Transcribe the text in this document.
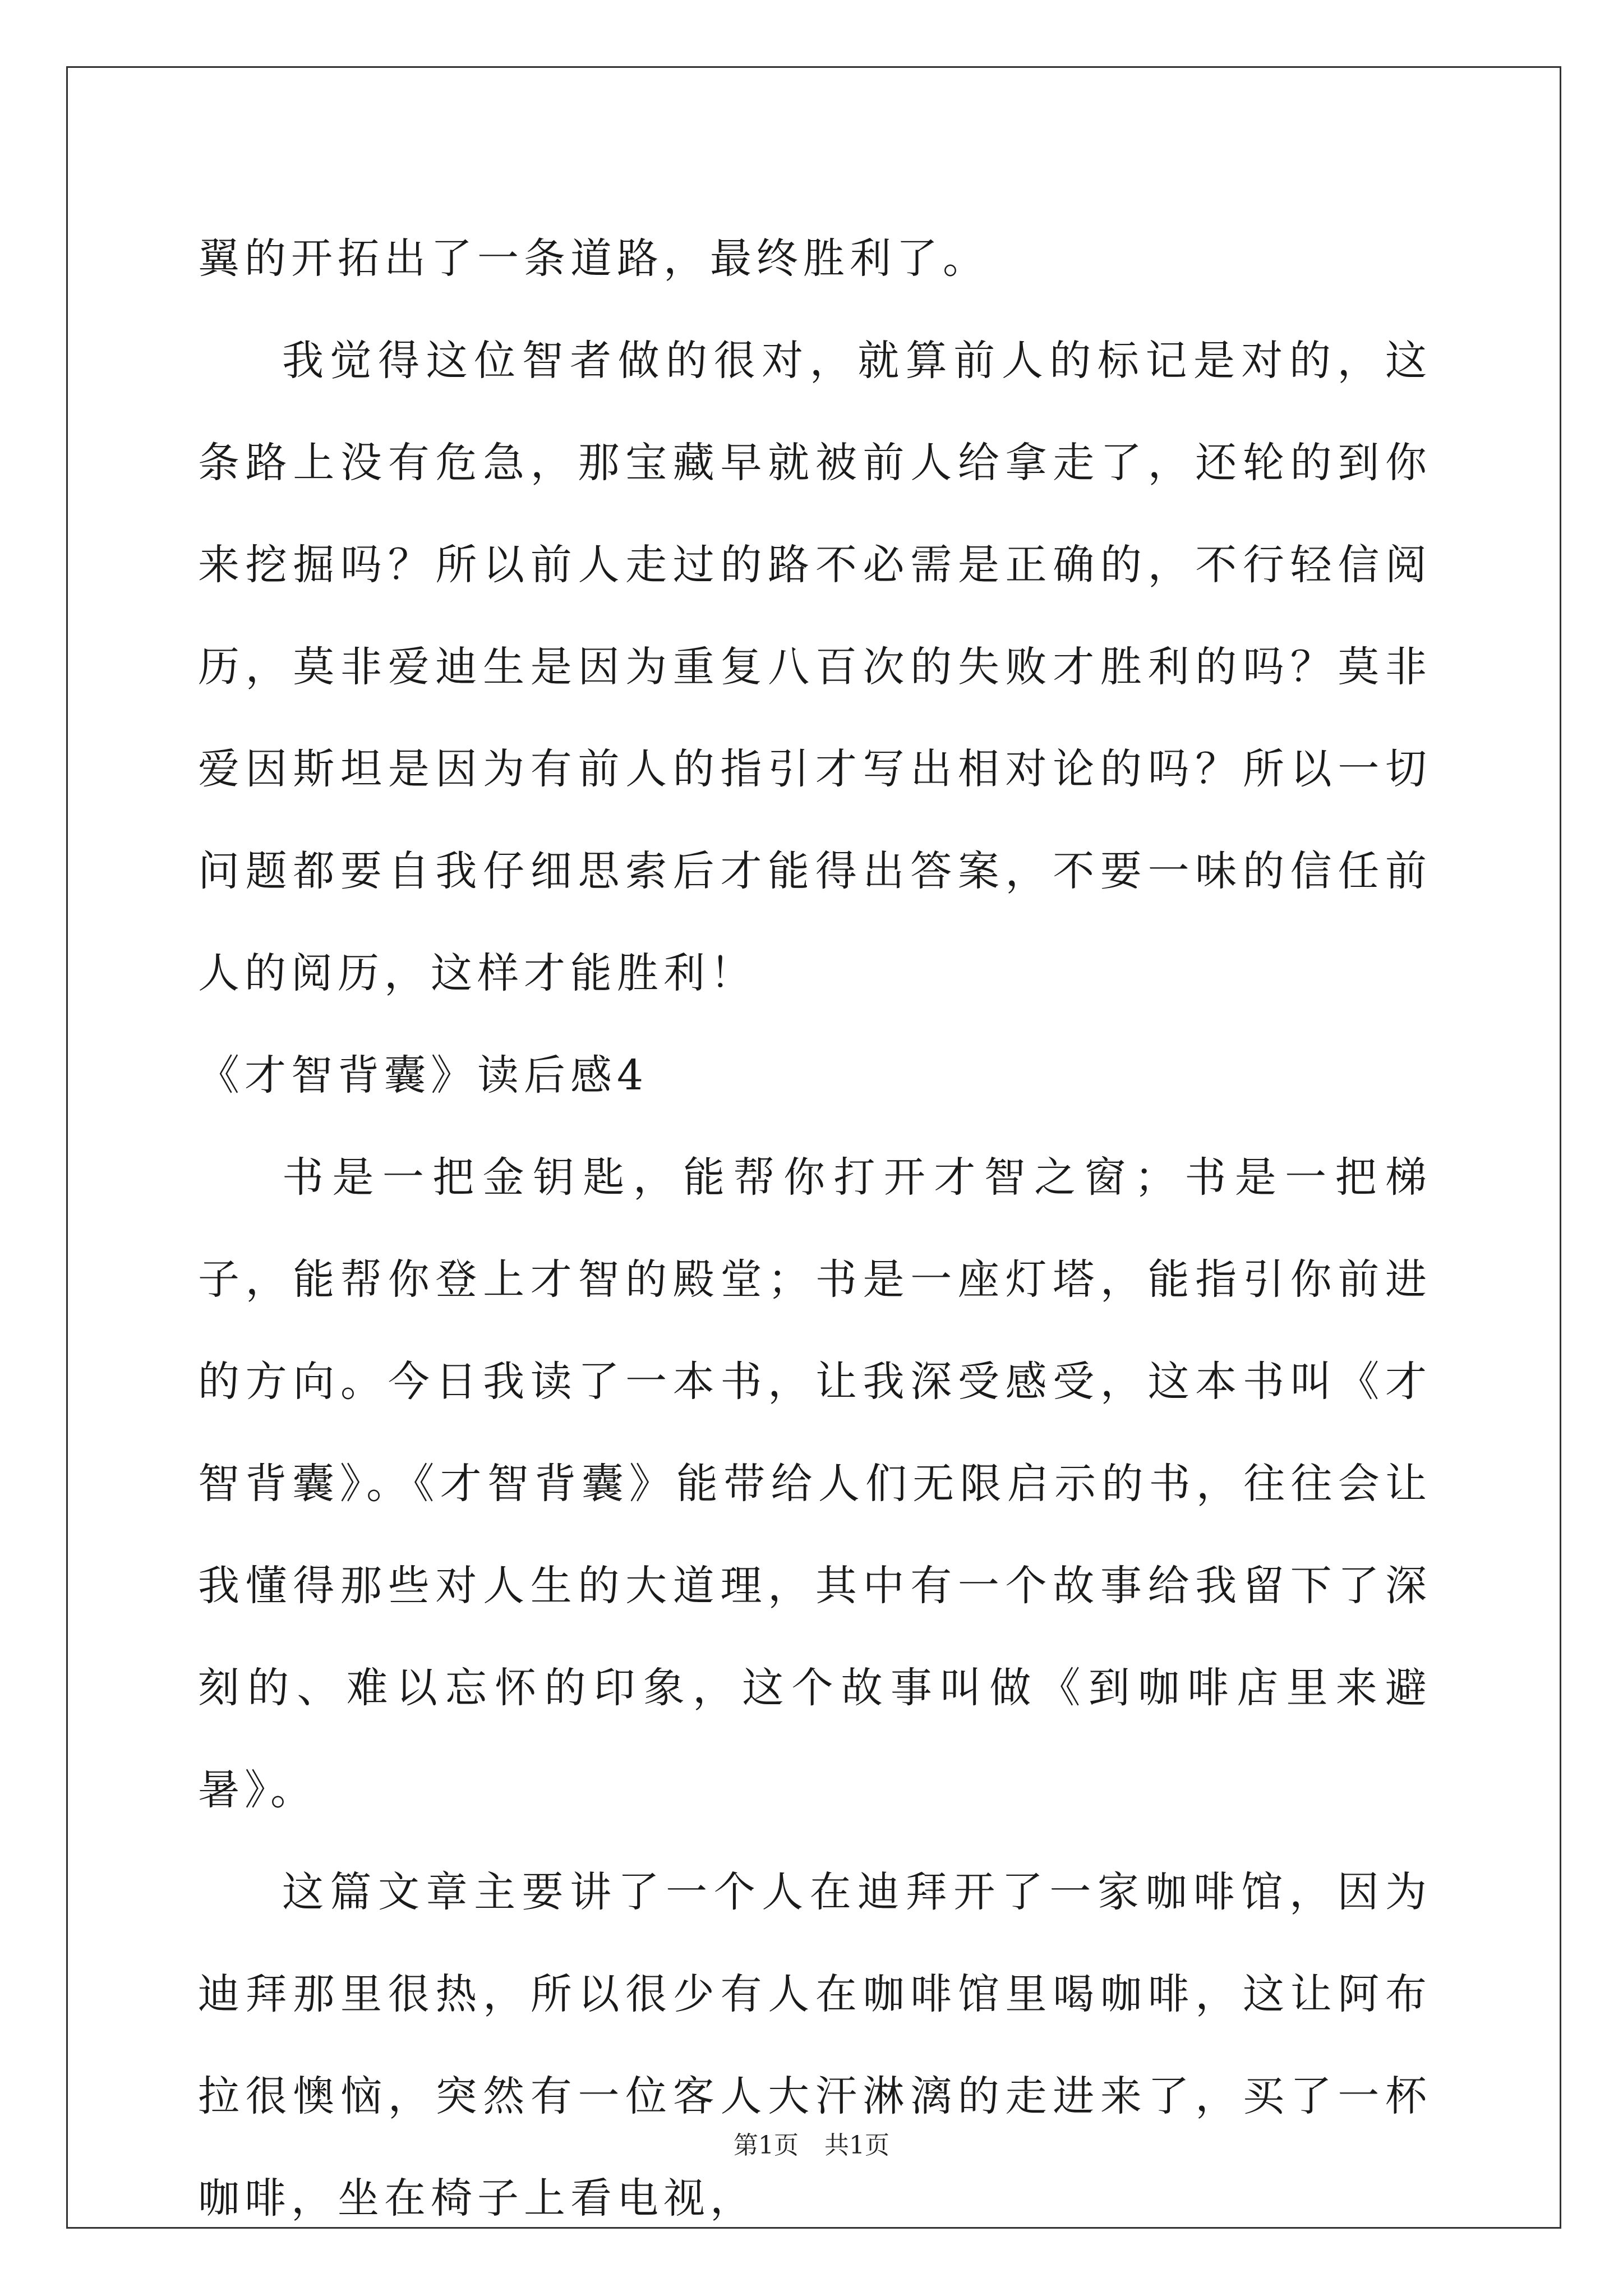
翼的开拓出了一条道路，最终胜利了。

我觉得这位智者做的很对，就算前人的标记是对的，这条路上没有危急，那宝藏早就被前人给拿走了，还轮的到你来挖掘吗？所以前人走过的路不必需是正确的，不行轻信阅历，莫非爱迪生是因为重复八百次的失败才胜利的吗？莫非爱因斯坦是因为有前人的指引才写出相对论的吗？所以一切问题都要自我仔细思索后才能得出答案，不要一味的信任前人的阅历，这样才能胜利！

《才智背囊》读后感4

书是一把金钥匙，能帮你打开才智之窗；书是一把梯子，能帮你登上才智的殿堂；书是一座灯塔，能指引你前进的方向。今日我读了一本书，让我深受感受，这本书叫《才智背囊》。《才智背囊》能带给人们无限启示的书，往往会让我懂得那些对人生的大道理，其中有一个故事给我留下了深刻的、难以忘怀的印象，这个故事叫做《到咖啡店里来避暑》。

这篇文章主要讲了一个人在迪拜开了一家咖啡馆，因为迪拜那里很热，所以很少有人在咖啡馆里喝咖啡，这让阿布拉很懊恼，突然有一位客人大汗淋漓的走进来了，买了一杯咖啡，坐在椅子上看电视，

第1页 共1页
